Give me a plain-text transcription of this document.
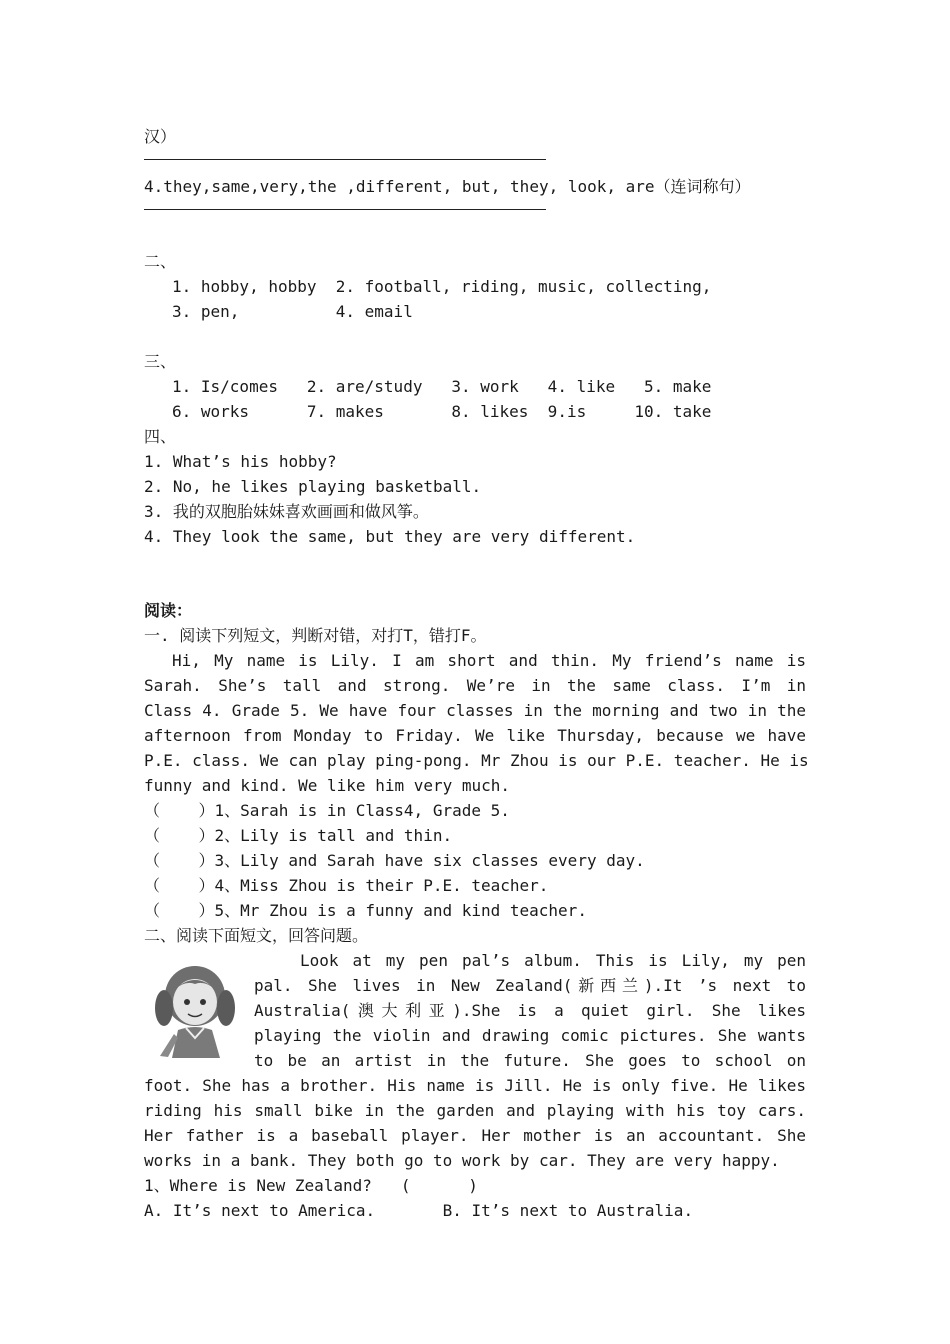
汉）
4.they,same,very,the ,different, but, they, look, are（连词称句）
二、
1. hobby, hobby  2. football, riding, music, collecting,
3. pen,          4. email
三、
1. Is/comes   2. are/study   3. work   4. like   5. make
6. works      7. makes       8. likes  9.is     10. take
四、
1. What’s his hobby?
2. No, he likes playing basketball.
3. 我的双胞胎妹妹喜欢画画和做风筝。
4. They look the same, but they are very different.
阅读：
一. 阅读下列短文，判断对错，对打T，错打F。
Hi, My name is Lily. I am short and thin. My friend’s name is
Sarah. She’s tall and strong. We’re in the same class. I’m in
Class 4. Grade 5. We have four classes in the morning and two in the
afternoon from Monday to Friday. We like Thursday, because we have
P.E. class. We can play ping-pong. Mr Zhou is our P.E. teacher. He is
funny and kind. We like him very much.
（    ）1、Sarah is in Class4, Grade 5.
（    ）2、Lily is tall and thin.
（    ）3、Lily and Sarah have six classes every day.
（    ）4、Miss Zhou is their P.E. teacher.
（    ）5、Mr Zhou is a funny and kind teacher.
二、阅读下面短文，回答问题。
Look at my pen pal’s album. This is Lily, my pen
pal. She lives in New Zealand(新西兰).It ’s next to
Australia(澳大利亚).She is a quiet girl. She likes
playing the violin and drawing comic pictures. She wants
to be an artist in the future. She goes to school on
foot. She has a brother. His name is Jill. He is only five. He likes
riding his small bike in the garden and playing with his toy cars.
Her father is a baseball player. Her mother is an accountant. She
works in a bank. They both go to work by car. They are very happy.
1、Where is New Zealand?   (      )
A. It’s next to America.       B. It’s next to Australia.
